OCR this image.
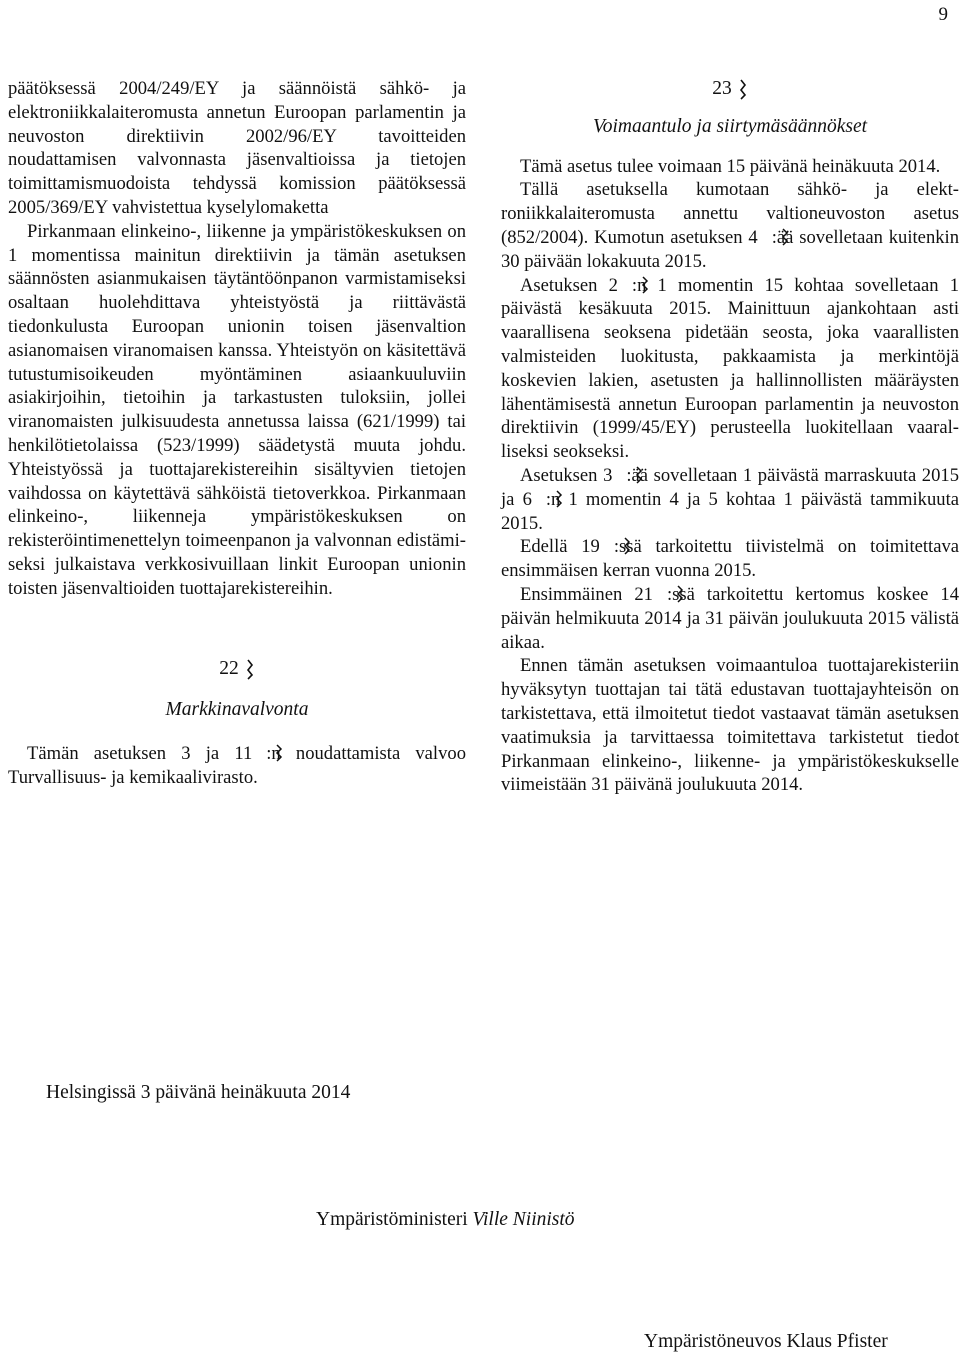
9

päätöksessä 2004/249/EY ja säännöistä sähkö- ja elektroniikkalaiteromusta annetun Euroopan parlamentin ja neuvoston direktiivin 2002/96/EY tavoitteiden noudattamisen valvonnasta jäsenvaltioissa ja tietojen toimittamismuodoista tehdyssä komission päätöksessä 2005/369/EY vahvistettua kyselylomaketta

Pirkanmaan elinkeino-, liikenne ja ympäristökeskuksen on 1 momentissa mainitun direktiivin ja tämän asetuksen säännösten asianmukaisen täytäntöönpanon varmistamiseksi osaltaan huolehdittava yhteistyöstä ja riittävästä tiedonkulusta Euroopan unionin toisen jäsenvaltion asianomaisen viranomaisen kanssa. Yhteistyön on käsitettävä tutustumisoikeuden myöntäminen asiaankuuluviin asiakirjoihin, tietoihin ja tarkastusten tuloksiin, jollei viranomaisten julkisuudesta annetussa laissa (621/1999) tai henkilötietolaissa (523/1999) säädetystä muuta johdu. Yhteistyössä ja tuottajarekistereihin sisältyvien tietojen vaihdossa on käytettävä sähköistä tietoverkkoa. Pirkanmaan elinkeino-, liikenneja ympäristökeskuksen on rekisteröintimenettelyn toimeenpanon ja valvonnan edistämiseksi julkaistava verkkosivuillaan linkit Euroopan unionin toisten jäsenvaltioiden tuottajarekistereihin.

22
Markkinavalvonta

Tämän asetuksen 3 ja 11 :n noudattamista valvoo Turvallisuus- ja kemikaalivirasto.

23
Voimaantulo ja siirtymäsäännökset

Tämä asetus tulee voimaan 15 päivänä heinäkuuta 2014.

Tällä asetuksella kumotaan sähkö- ja elektroniikkalaiteromusta annettu valtioneuvoston asetus (852/2004). Kumotun asetuksen 4 :ää sovelletaan kuitenkin 30 päivään lokakuuta 2015.

Asetuksen 2 :n 1 momentin 15 kohtaa sovelletaan 1 päivästä kesäkuuta 2015. Mainittuun ajankohtaan asti vaarallisena seoksena pidetään seosta, joka vaarallisten valmisteiden luokitusta, pakkaamista ja merkintöjä koskevien lakien, asetusten ja hallinnollisten määräysten lähentämisestä annetun Euroopan parlamentin ja neuvoston direktiivin (1999/45/EY) perusteella luokitellaan vaaralliseksi seokseksi.

Asetuksen 3 :ää sovelletaan 1 päivästä marraskuuta 2015 ja 6 :n 1 momentin 4 ja 5 kohtaa 1 päivästä tammikuuta 2015.

Edellä 19 :ssä tarkoitettu tiivistelmä on toimitettava ensimmäisen kerran vuonna 2015.

Ensimmäinen 21 :ssä tarkoitettu kertomus koskee 14 päivän helmikuuta 2014 ja 31 päivän joulukuuta 2015 välistä aikaa.

Ennen tämän asetuksen voimaantuloa tuottajarekisteriin hyväksytyn tuottajan tai tätä edustavan tuottajayhteisön on tarkistettava, että ilmoitetut tiedot vastaavat tämän asetuksen vaatimuksia ja tarvittaessa toimitettava tarkistetut tiedot Pirkanmaan elinkeino-, liikenne- ja ympäristökeskukselle viimeistään 31 päivänä joulukuuta 2014.

Helsingissä 3 päivänä heinäkuuta 2014
Ympäristöministeri Ville Niinistö
Ympäristöneuvos Klaus Pfister
